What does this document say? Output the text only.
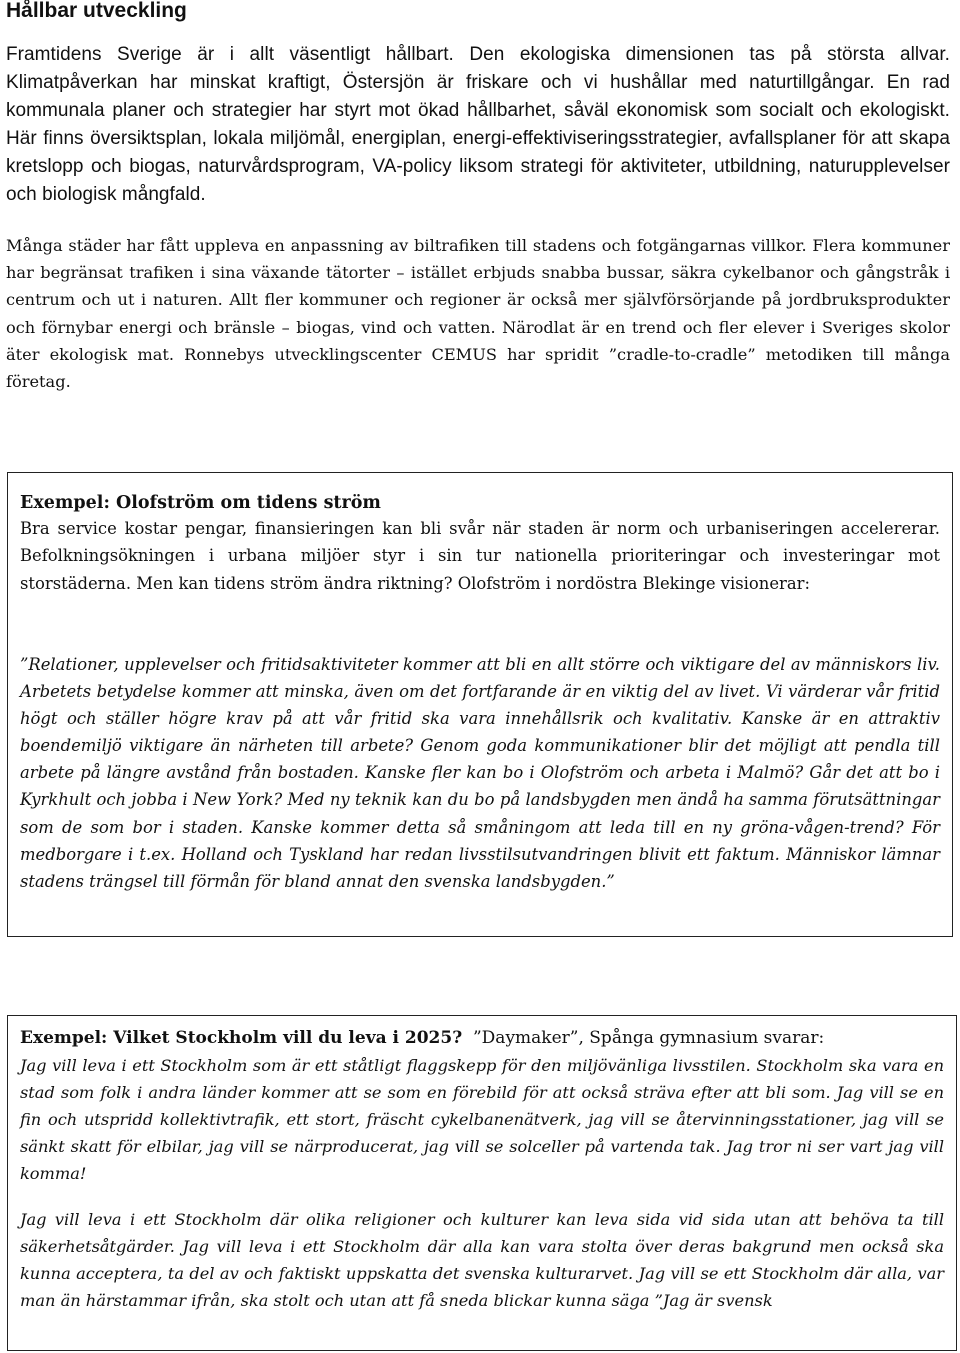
Hållbar utveckling

Framtidens Sverige är i allt väsentligt hållbart. Den ekologiska dimensionen tas på största allvar. Klimatpåverkan har minskat kraftigt, Östersjön är friskare och vi hushållar med naturtillgångar. En rad kommunala planer och strategier har styrt mot ökad hållbarhet, såväl ekonomisk som socialt och ekologiskt. Här finns översiktsplan, lokala miljömål, energiplan, energi-effektiviseringsstrategier, avfallsplaner för att skapa kretslopp och biogas, naturvårdsprogram, VA-policy liksom strategi för aktiviteter, utbildning, naturupplevelser och biologisk mångfald.

Många städer har fått uppleva en anpassning av biltrafiken till stadens och fotgängarnas villkor. Flera kommuner har begränsat trafiken i sina växande tätorter – istället erbjuds snabba bussar, säkra cykelbanor och gångstråk i centrum och ut i naturen. Allt fler kommuner och regioner är också mer självförsörjande på jordbruksprodukter och förnybar energi och bränsle – biogas, vind och vatten. Närodlat är en trend och fler elever i Sveriges skolor äter ekologisk mat. Ronnebys utvecklingscenter CEMUS har spridit ”cradle-to-cradle” metodiken till många företag.

Exempel: Olofström om tidens ström

Bra service kostar pengar, finansieringen kan bli svår när staden är norm och urbaniseringen accelererar. Befolkningsökningen i urbana miljöer styr i sin tur nationella prioriteringar och investeringar mot storstäderna. Men kan tidens ström ändra riktning? Olofström i nordöstra Blekinge visionerar:

”Relationer, upplevelser och fritidsaktiviteter kommer att bli en allt större och viktigare del av människors liv. Arbetets betydelse kommer att minska, även om det fortfarande är en viktig del av livet. Vi värderar vår fritid högt och ställer högre krav på att vår fritid ska vara innehållsrik och kvalitativ. Kanske är en attraktiv boendemiljö viktigare än närheten till arbete? Genom goda kommunikationer blir det möjligt att pendla till arbete på längre avstånd från bostaden. Kanske fler kan bo i Olofström och arbeta i Malmö? Går det att bo i Kyrkhult och jobba i New York? Med ny teknik kan du bo på landsbygden men ändå ha samma förutsättningar som de som bor i staden. Kanske kommer detta så småningom att leda till en ny gröna-vågen-trend? För medborgare i t.ex. Holland och Tyskland har redan livsstilsutvandringen blivit ett faktum. Människor lämnar stadens trängsel till förmån för bland annat den svenska landsbygden.”

Exempel: Vilket Stockholm vill du leva i 2025? ”Daymaker”, Spånga gymnasium svarar:

Jag vill leva i ett Stockholm som är ett ståtligt flaggskepp för den miljövänliga livsstilen. Stockholm ska vara en stad som folk i andra länder kommer att se som en förebild för att också sträva efter att bli som. Jag vill se en fin och utspridd kollektivtrafik, ett stort, fräscht cykelbanenätverk, jag vill se återvinningsstationer, jag vill se sänkt skatt för elbilar, jag vill se närproducerat, jag vill se solceller på vartenda tak. Jag tror ni ser vart jag vill komma!

Jag vill leva i ett Stockholm där olika religioner och kulturer kan leva sida vid sida utan att behöva ta till säkerhetsåtgärder. Jag vill leva i ett Stockholm där alla kan vara stolta över deras bakgrund men också ska kunna acceptera, ta del av och faktiskt uppskatta det svenska kulturarvet. Jag vill se ett Stockholm där alla, var man än härstammar ifrån, ska stolt och utan att få sneda blickar kunna säga ”Jag är svensk
